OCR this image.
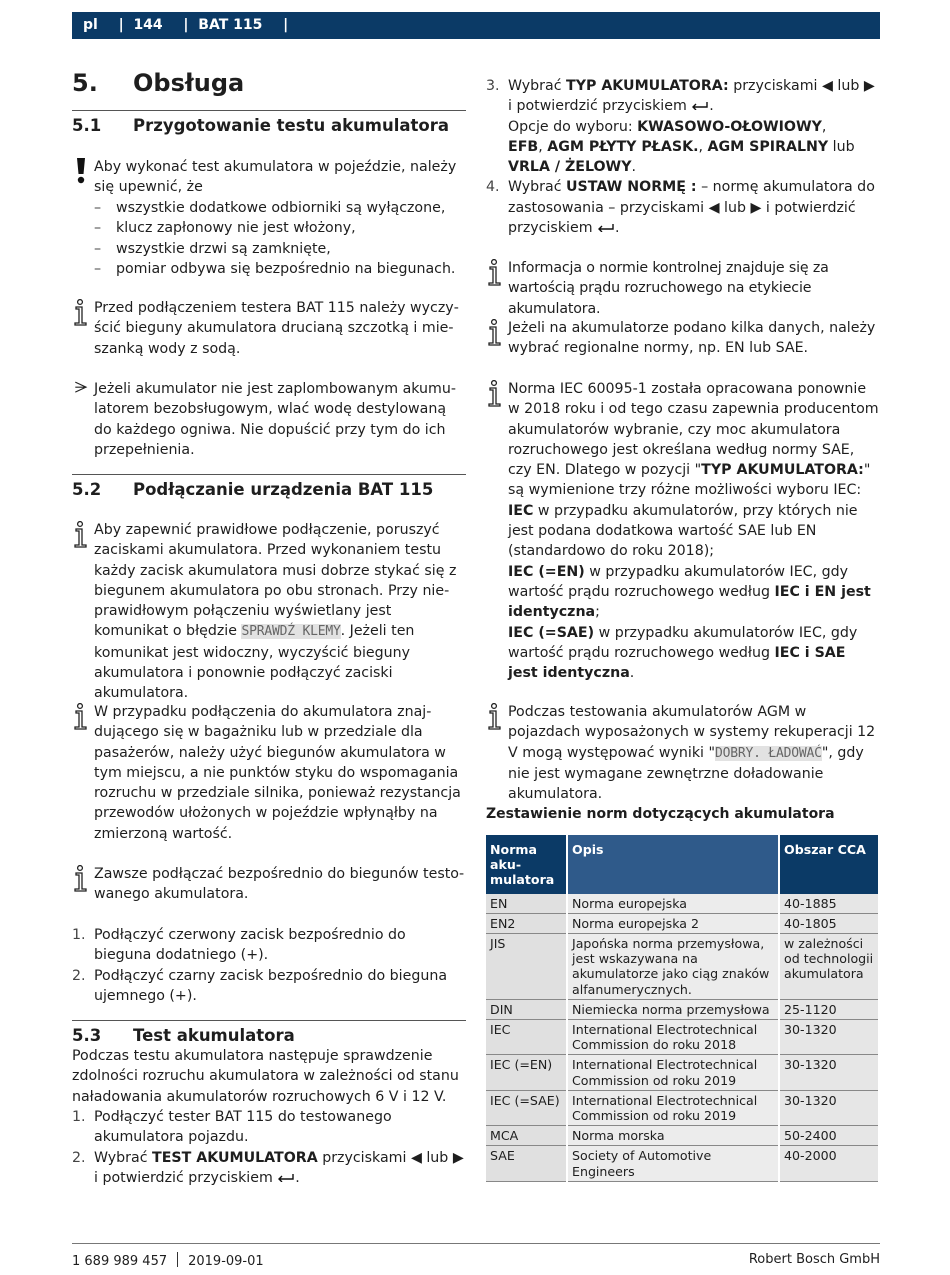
pl  |  144  |  BAT 115  |
5. Obsługa
5.1 Przygotowanie testu akumulatora
Aby wykonać test akumulatora w pojeździe, należy się upewnić, że
– wszystkie dodatkowe odbiorniki są wyłączone,
– klucz zapłonowy nie jest włożony,
– wszystkie drzwi są zamknięte,
– pomiar odbywa się bezpośrednio na biegunach.
Przed podłączeniem testera BAT 115 należy wyczyścić bieguny akumulatora drucianą szczotką i mieszanką wody z sodą.
Jeżeli akumulator nie jest zaplombowanym akumulatorem bezobsługowym, wlać wodę destylowaną do każdego ogniwa. Nie dopuścić przy tym do ich przepełnienia.
5.2 Podłączanie urządzenia BAT 115
Aby zapewnić prawidłowe podłączenie, poruszyć zaciskami akumulatora. Przed wykonaniem testu każdy zacisk akumulatora musi dobrze stykać się z biegunem akumulatora po obu stronach. Przy nieprawidłowym połączeniu wyświetlany jest komunikat o błędzie SPRAWDŹ KLEMY. Jeżeli ten komunikat jest widoczny, wyczyścić bieguny akumulatora i ponownie podłączyć zaciski akumulatora.
W przypadku podłączenia do akumulatora znajdującego się w bagażniku lub w przedziale dla pasażerów, należy użyć biegunów akumulatora w tym miejscu, a nie punktów styku do wspomagania rozruchu w przedziale silnika, ponieważ rezystancja przewodów ułożonych w pojeździe wpłynąłby na zmierzoną wartość.
Zawsze podłączać bezpośrednio do biegunów testowanego akumulatora.
1. Podłączyć czerwony zacisk bezpośrednio do bieguna dodatniego (+).
2. Podłączyć czarny zacisk bezpośrednio do bieguna ujemnego (+).
5.3 Test akumulatora
Podczas testu akumulatora następuje sprawdzenie zdolności rozruchu akumulatora w zależności od stanu naładowania akumulatorów rozruchowych 6 V i 12 V.
1. Podłączyć tester BAT 115 do testowanego akumulatora pojazdu.
2. Wybrać TEST AKUMULATORA przyciskami ◀ lub ▶ i potwierdzić przyciskiem .
3. Wybrać TYP AKUMULATORA: przyciskami ◀ lub ▶ i potwierdzić przyciskiem .
Opcje do wyboru: KWASOWO-OŁOWIOWY,
EFB, AGM PŁYTY PŁASK., AGM SPIRALNY lub
VRLA / ŻELOWY.
4. Wybrać USTAW NORMĘ : – normę akumulatora do zastosowania – przyciskami ◀ lub ▶ i potwierdzić przyciskiem .
Informacja o normie kontrolnej znajduje się za wartością prądu rozruchowego na etykiecie akumulatora.
Jeżeli na akumulatorze podano kilka danych, należy wybrać regionalne normy, np. EN lub SAE.
Norma IEC 60095-1 została opracowana ponownie w 2018 roku i od tego czasu zapewnia producentom akumulatorów wybranie, czy moc akumulatora rozruchowego jest określana według normy SAE, czy EN. Dlatego w pozycji "TYP AKUMULATORA:" są wymienione trzy różne możliwości wyboru IEC:
IEC w przypadku akumulatorów, przy których nie jest podana dodatkowa wartość SAE lub EN (standardowo do roku 2018);
IEC (=EN) w przypadku akumulatorów IEC, gdy wartość prądu rozruchowego według IEC i EN jest identyczna;
IEC (=SAE) w przypadku akumulatorów IEC, gdy wartość prądu rozruchowego według IEC i SAE jest identyczna.
Podczas testowania akumulatorów AGM w pojazdach wyposażonych w systemy rekuperacji 12 V mogą występować wyniki "DOBRY. ŁADOWAĆ", gdy nie jest wymagane zewnętrzne doładowanie akumulatora.
Zestawienie norm dotyczących akumulatora
Norma akumulatora	Opis	Obszar CCA
EN	Norma europejska	40-1885
EN2	Norma europejska 2	40-1805
JIS	Japońska norma przemysłowa, jest wskazywana na akumulatorze jako ciąg znaków alfanumerycznych.	w zależności od technologii akumulatora
DIN	Niemiecka norma przemysłowa	25-1120
IEC	International Electrotechnical Commission do roku 2018	30-1320
IEC (=EN)	International Electrotechnical Commission od roku 2019	30-1320
IEC (=SAE)	International Electrotechnical Commission od roku 2019	30-1320
MCA	Norma morska	50-2400
SAE	Society of Automotive Engineers	40-2000
1 689 989 457 2019-09-01	Robert Bosch GmbH
